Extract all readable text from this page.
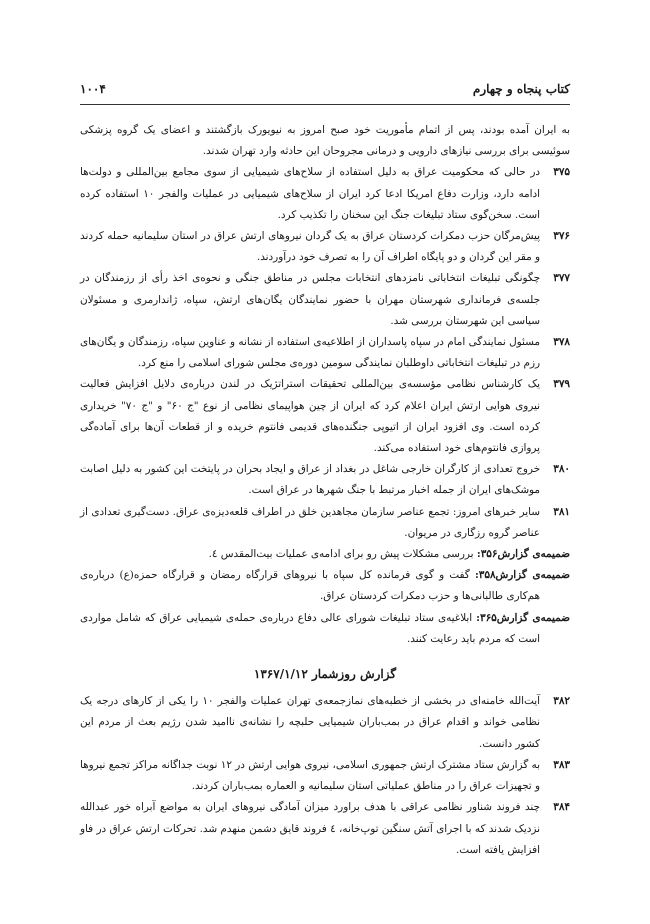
کتاب پنجاه و چهارم
۱۰۰۴

به ایران آمده بودند، پس از اتمام مأموریت خود صبح امروز به نیویورک بازگشتند و اعضای یک گروه پزشکی سوئیسی برای بررسی نیازهای دارویی و درمانی مجروحان این حادثه وارد تهران شدند.

۳۷۵
در حالی که محکومیت عراق به دلیل استفاده از سلاح‌های شیمیایی از سوی مجامع بین‌المللی و دولت‌ها ادامه دارد، وزارت دفاع امریکا ادعا کرد ایران از سلاح‌های شیمیایی در عملیات والفجر ۱۰ استفاده کرده است. سخن‌گوی ستاد تبلیغات جنگ این سخنان را تکذیب کرد.
۳۷۶
پیش‌مرگان حزب دمکرات کردستان عراق به یک گردان نیروهای ارتش عراق در استان سلیمانیه حمله کردند و مقر این گردان و دو پایگاه اطراف آن را به تصرف خود درآوردند.
۳۷۷
چگونگی تبلیغات انتخاباتی نامزدهای انتخابات مجلس در مناطق جنگی و نحوه‌ی اخذ رأی از رزمندگان در جلسه‌ی فرمانداری شهرستان مهران با حضور نمایندگان یگان‌های ارتش، سپاه، ژاندارمری و مسئولان سیاسی این شهرستان بررسی شد.
۳۷۸
مسئول نمایندگی امام در سپاه پاسداران از اطلاعیه‌ی استفاده از نشانه و عناوین سپاه، رزمندگان و یگان‌های رزم در تبلیغات انتخاباتی داوطلبان نمایندگی سومین دوره‌ی مجلس شورای اسلامی را منع کرد.
۳۷۹
یک کارشناس نظامی مؤسسه‌ی بین‌المللی تحقیقات استراتژیک در لندن درباره‌ی دلایل افزایش فعالیت نیروی هوایی ارتش ایران اعلام کرد که ایران از چین هواپیمای نظامی از نوع "ج ۶۰" و "ج ۷۰" خریداری کرده است. وی افزود ایران از اتیوپی جنگنده‌های قدیمی فانتوم خریده و از قطعات آن‌ها برای آماده‌گی پروازی فانتوم‌های خود استفاده می‌کند.
۳۸۰
خروج تعدادی از کارگران خارجی شاغل در بغداد از عراق و ایجاد بحران در پایتخت این کشور به دلیل اصابت موشک‌های ایران از جمله اخبار مرتبط با جنگ شهرها در عراق است.
۳۸۱
سایر خبرهای امروز: تجمع عناصر سازمان مجاهدین خلق در اطراف قلعه‌دیزه‌ی عراق. دست‌گیری تعدادی از عناصر گروه رزگاری در مریوان.

ضمیمه‌ی گزارش۳۵۶: بررسی مشکلات پیش رو برای ادامه‌ی عملیات بیت‌المقدس ٤.

ضمیمه‌ی گزارش۳۵۸: گفت و گوی فرمانده کل سپاه با نیروهای قرارگاه رمضان و قرارگاه حمزه(ع) درباره‌ی هم‌کاری طالبانی‌ها و حزب دمکرات کردستان عراق.

ضمیمه‌ی گزارش۳۶۵: ابلاغیه‌ی ستاد تبلیغات شورای عالی دفاع درباره‌ی حمله‌ی شیمیایی عراق که شامل مواردی است که مردم باید رعایت کنند.

گزارش روزشمار ۱۳۶۷/۱/۱۲
۳۸۲
آیت‌الله خامنه‌ای در بخشی از خطبه‌های نمازجمعه‌ی تهران عملیات والفجر ۱۰ را یکی از کارهای درجه یک نظامی خواند و اقدام عراق در بمب‌باران شیمیایی حلبچه را نشانه‌ی ناامید شدن رژیم بعث از مردم این کشور دانست.
۳۸۳
به گزارش ستاد مشترک ارتش جمهوری اسلامی، نیروی هوایی ارتش در ۱۲ نوبت جداگانه مراکز تجمع نیروها و تجهیزات عراق را در مناطق عملیاتی استان سلیمانیه و العماره بمب‌باران کردند.
۳۸۴
چند فروند شناور نظامی عراقی با هدف براورد میزان آمادگی نیروهای ایران به مواضع آبراه خور عبدالله نزدیک شدند که با اجرای آتش سنگین توپ‌خانه، ٤ فروند قایق دشمن منهدم شد. تحرکات ارتش عراق در فاو افزایش یافته است.
